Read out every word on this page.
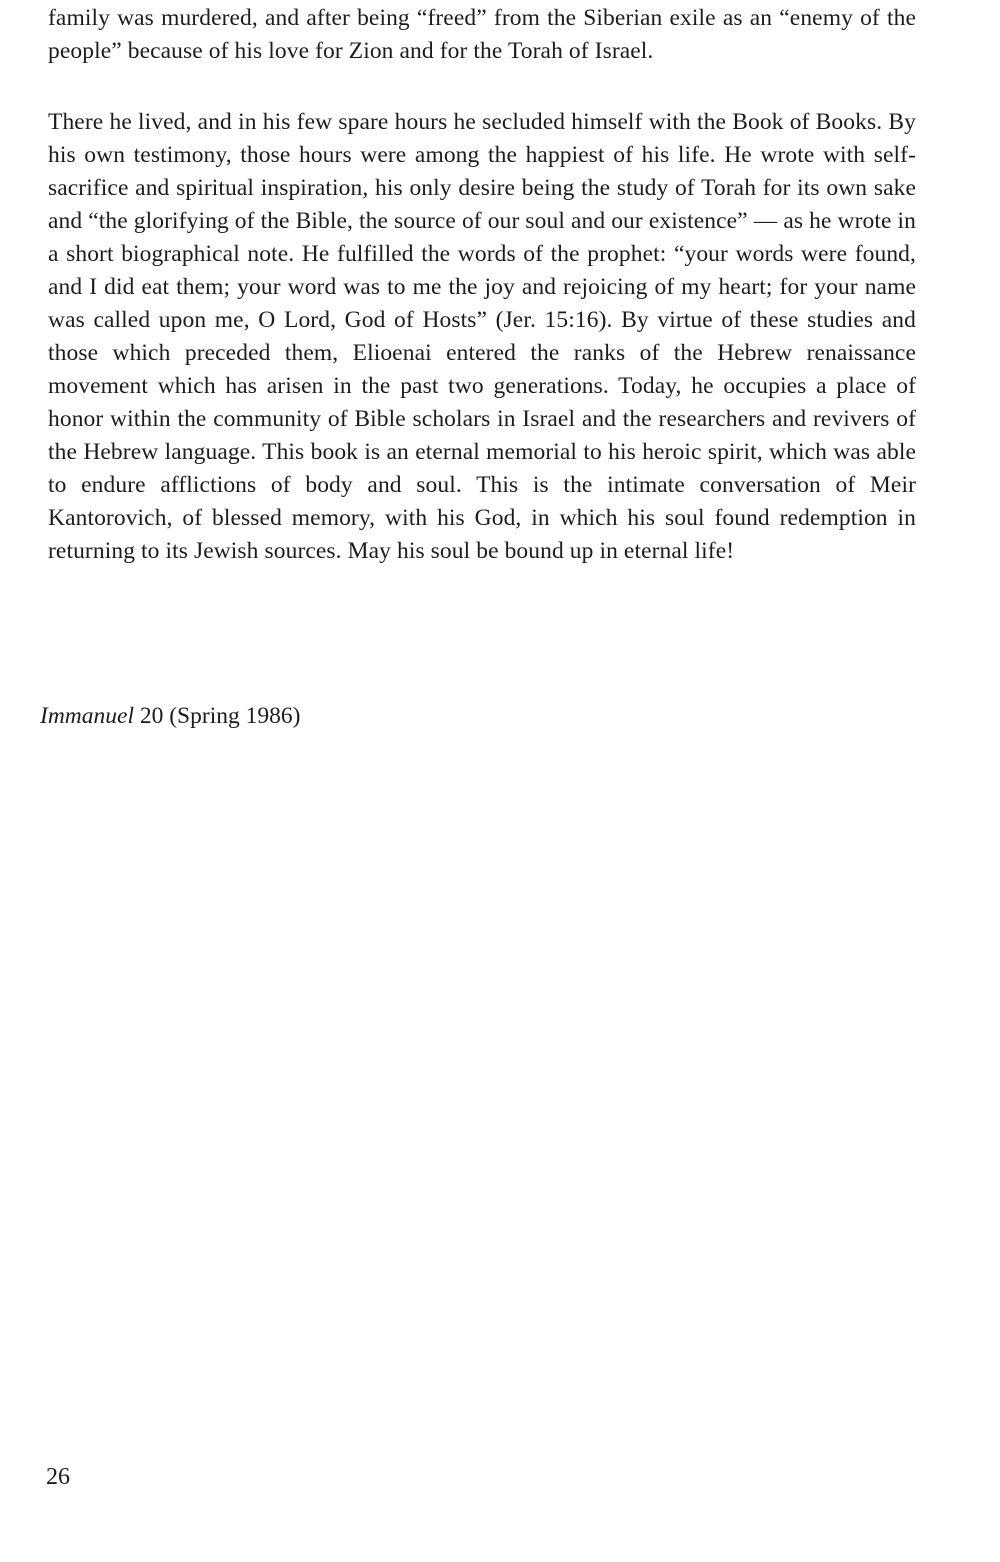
family was murdered, and after being “freed” from the Siberian exile as an “enemy of the people” because of his love for Zion and for the Torah of Israel.

There he lived, and in his few spare hours he secluded himself with the Book of Books. By his own testimony, those hours were among the happiest of his life. He wrote with self-sacrifice and spiritual inspiration, his only desire being the study of Torah for its own sake and “the glorifying of the Bible, the source of our soul and our existence” — as he wrote in a short biographical note. He fulfilled the words of the prophet: “your words were found, and I did eat them; your word was to me the joy and rejoicing of my heart; for your name was called upon me, O Lord, God of Hosts” (Jer. 15:16). By virtue of these studies and those which preceded them, Elioenai entered the ranks of the Hebrew renaissance movement which has arisen in the past two generations. Today, he occupies a place of honor within the community of Bible scholars in Israel and the researchers and revivers of the Hebrew language. This book is an eternal memorial to his heroic spirit, which was able to endure afflictions of body and soul. This is the intimate conversation of Meir Kantorovich, of blessed memory, with his God, in which his soul found redemption in returning to its Jewish sources. May his soul be bound up in eternal life!

Immanuel 20 (Spring 1986)
26
